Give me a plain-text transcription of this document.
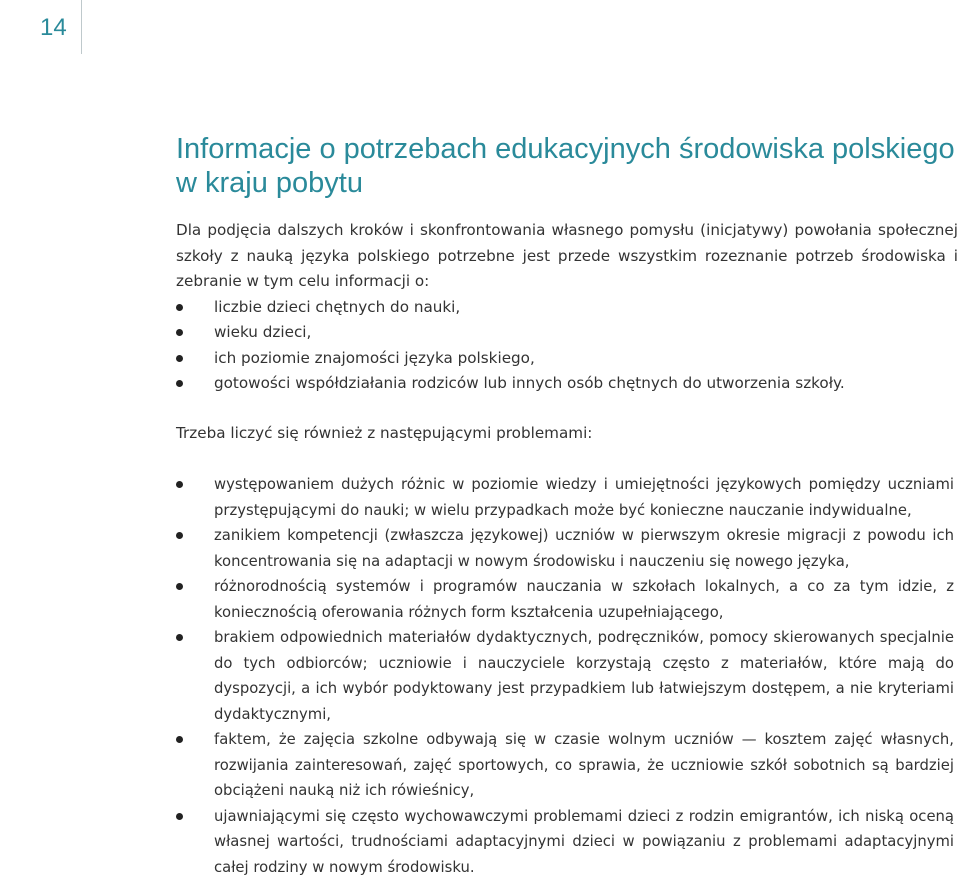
14
Informacje o potrzebach edukacyjnych środowiska polskiego w kraju pobytu

Dla podjęcia dalszych kroków i skonfrontowania własnego pomysłu (inicjatywy) powołania społecznej szkoły z nauką języka polskiego potrzebne jest przede wszystkim rozeznanie potrzeb środowiska i zebranie w tym celu informacji o:

liczbie dzieci chętnych do nauki,
wieku dzieci,
ich poziomie znajomości języka polskiego,
gotowości współdziałania rodziców lub innych osób chętnych do utworzenia szkoły.

Trzeba liczyć się również z następującymi problemami:

występowaniem dużych różnic w poziomie wiedzy i umiejętności językowych pomiędzy uczniami przystępującymi do nauki; w wielu przypadkach może być konieczne nauczanie indywidualne,
zanikiem kompetencji (zwłaszcza językowej) uczniów w pierwszym okresie migracji z powodu ich koncentrowania się na adaptacji w nowym środowisku i nauczeniu się nowego języka,
różnorodnością systemów i programów nauczania w szkołach lokalnych, a co za tym idzie, z koniecznością oferowania różnych form kształcenia uzupełniającego,
brakiem odpowiednich materiałów dydaktycznych, podręczników, pomocy skierowanych specjalnie do tych odbiorców; uczniowie i nauczyciele korzystają często z materiałów, które mają do dyspozycji, a ich wybór podyktowany jest przypadkiem lub łatwiejszym dostępem, a nie kryteriami dydaktycznymi,
faktem, że zajęcia szkolne odbywają się w czasie wolnym uczniów — kosztem zajęć własnych, rozwijania zainteresowań, zajęć sportowych, co sprawia, że uczniowie szkół sobotnich są bardziej obciążeni nauką niż ich rówieśnicy,
ujawniającymi się często wychowawczymi problemami dzieci z rodzin emigrantów, ich niską oceną własnej wartości, trudnościami adaptacyjnymi dzieci w powiązaniu z problemami adaptacyjnymi całej rodziny w nowym środowisku.
